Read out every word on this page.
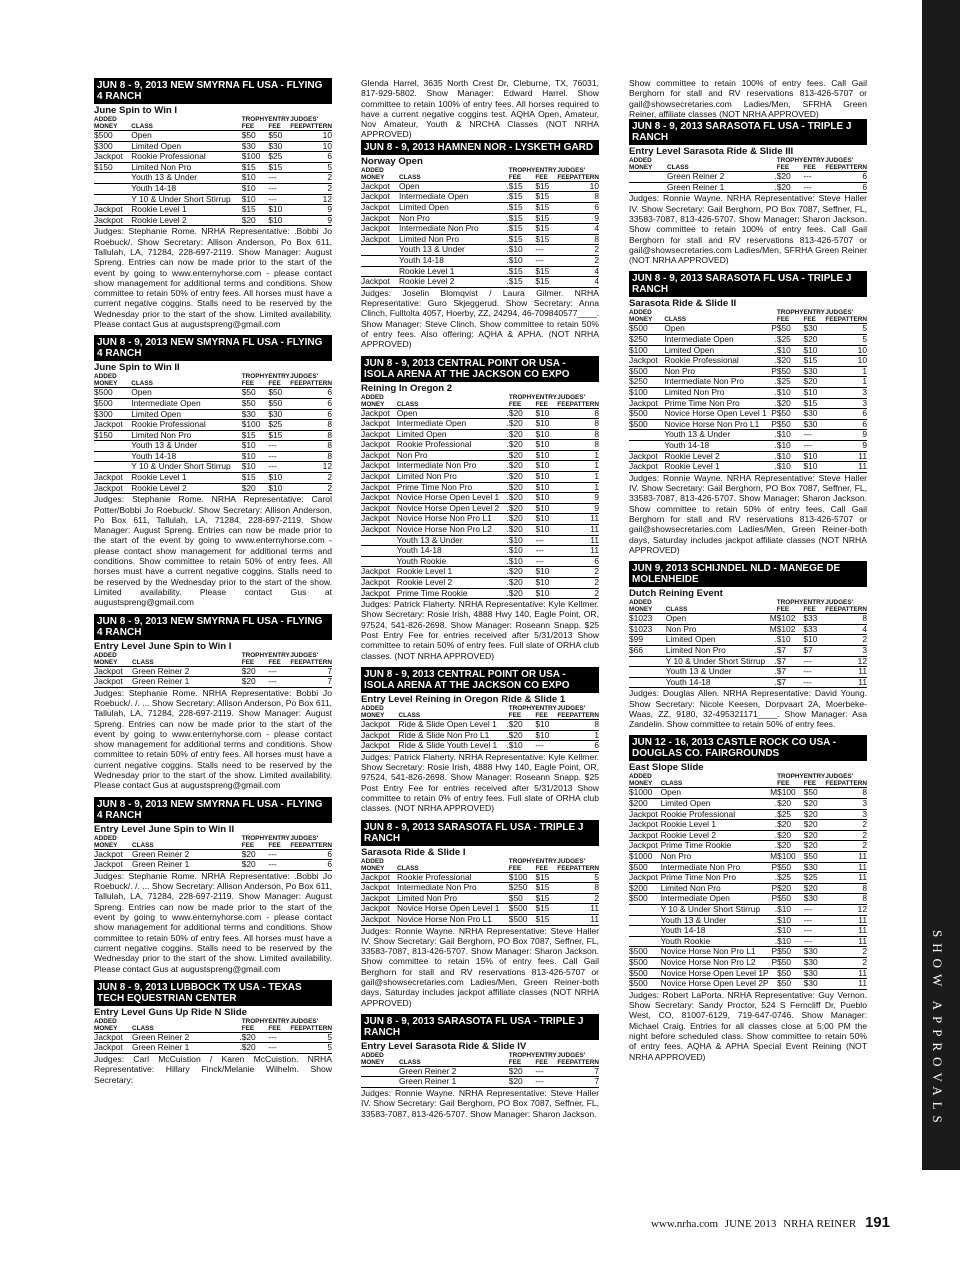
JUN 8 - 9, 2013 NEW SMYRNA FL USA - FLYING 4 RANCH
June Spin to Win I
ADDED
MONEY	CLASS		TROPHY
FEE	ENTRY
FEE	JUDGES'
FEEPATTERN
$500	Open		$50	$50	10
$300	Limited Open		$30	$30	10
Jackpot	Rookie Professional		$100	$25	6
$150	Limited Non Pro		$15	$15	5
	Youth 13 & Under		$10	---	2
	Youth 14-18		$10	---	2
	Y 10 & Under Short Stirrup		$10	---	12
Jackpot	Rookie Level 1		$15	$10	9
Jackpot	Rookie Level 2		$20	$10	9

Judges: Stephanie Rome. NRHA Representative: .Bobbi Jo Roebuck/. Show Secretary: Allison Anderson, Po Box 611, Tallulah, LA, 71284, 228-697-2119. Show Manager: August Spreng. Entries can now be made prior to the start of the event by going to www.enternyhorse.com - please contact show management for additional terms and conditions. Show committee to retain 50% of entry fees. All horses must have a current negative coggins. Stalls need to be reserved by the Wednesday prior to the start of the show. Limited availability. Please contact Gus at augustspreng@gmail.com

JUN 8 - 9, 2013 NEW SMYRNA FL USA - FLYING 4 RANCH
June Spin to Win II
ADDED
MONEY	CLASS		TROPHY
FEE	ENTRY
FEE	JUDGES'
FEEPATTERN
$500	Open		$50	$50	6
$500	Intermediate Open		$50	$50	6
$300	Limited Open		$30	$30	6
Jackpot	Rookie Professional		$100	$25	8
$150	Limited Non Pro		$15	$15	8
	Youth 13 & Under		$10	---	8
	Youth 14-18		$10	---	8
	Y 10 & Under Short Stirrup		$10	---	12
Jackpot	Rookie Level 1		$15	$10	2
Jackpot	Rookie Level 2		$20	$10	2

Judges: Stephanie Rome. NRHA Representative: Carol Potter/Bobbi Jo Roebuck/. Show Secretary: Allison Anderson, Po Box 611, Tallulah, LA, 71284, 228-697-2119. Show Manager: August Spreng. Entries can now be made prior to the start of the event by going to www.enternyhorse.com - please contact show management for additional terms and conditions. Show committee to retain 50% of entry fees. All horses must have a current negative coggins. Stalls need to be reserved by the Wednesday prior to the start of the show. Limited availability. Please contact Gus at augustspreng@gmail.com

JUN 8 - 9, 2013 NEW SMYRNA FL USA - FLYING 4 RANCH
Entry Level June Spin to Win I
ADDED
MONEY	CLASS		TROPHY
FEE	ENTRY
FEE	JUDGES'
FEEPATTERN
Jackpot	Green Reiner 2		$20	---	7
Jackpot	Green Reiner 1		$20	---	7

Judges: Stephanie Rome. NRHA Representative: Bobbi Jo Roebuck/. /. ... Show Secretary: Allison Anderson, Po Box 611, Tallulah, LA, 71284, 228-697-2119. Show Manager: August Spreng. Entries can now be made prior to the start of the event by going to www.enternyhorse.com - please contact show management for additional terms and conditions. Show committee to retain 50% of entry fees. All horses must have a current negative coggins. Stalls need to be reserved by the Wednesday prior to the start of the show. Limited availability. Please contact Gus at augustspreng@gmail.com

JUN 8 - 9, 2013 NEW SMYRNA FL USA - FLYING 4 RANCH
Entry Level June Spin to Win II
ADDED
MONEY	CLASS		TROPHY
FEE	ENTRY
FEE	JUDGES'
FEEPATTERN
Jackpot	Green Reiner 2		$20	---	6
Jackpot	Green Reiner 1		$20	---	6

Judges: Stephanie Rome. NRHA Representative: .Bobbi Jo Roebuck/. /. ... Show Secretary: Allison Anderson, Po Box 611, Tallulah, LA, 71284, 228-697-2119. Show Manager: August Spreng. Entries can now be made prior to the start of the event by going to www.enternyhorse.com - please contact show management for additional terms and conditions. Show committee to retain 50% of entry fees. All horses must have a current negative coggins. Stalls need to be reserved by the Wednesday prior to the start of the show. Limited availability. Please contact Gus at augustspreng@gmail.com

JUN 8 - 9, 2013 LUBBOCK TX USA - TEXAS TECH EQUESTRIAN CENTER
Entry Level Guns Up Ride N Slide
ADDED
MONEY	CLASS		TROPHY
FEE	ENTRY
FEE	JUDGES'
FEEPATTERN
Jackpot	Green Reiner 2	.	$20	---	5
Jackpot	Green Reiner 1	.	$20	---	5

Judges: Carl McCuistion / Karen McCuistion. NRHA Representative: Hillary Finck/Melanie Wilhelm. Show Secretary:

Glenda Harrel, 3635 North Crest Dr, Cleburne, TX, 76031, 817-929-5802. Show Manager: Edward Harrel. Show committee to retain 100% of entry fees. All horses required to have a current negative coggins test. AQHA Open, Amateur, Nov Amateur, Youth & NRCHA Classes (NOT NRHA APPROVED)

JUN 8 - 9, 2013 HAMNEN NOR - LYSKETH GARD
Norway Open
ADDED
MONEY	CLASS		TROPHY
FEE	ENTRY
FEE	JUDGES'
FEEPATTERN
Jackpot	Open	.	$15	$15	10
Jackpot	Intermediate Open	.	$15	$15	8
Jackpot	Limited Open	.	$15	$15	6
Jackpot	Non Pro	.	$15	$15	9
Jackpot	Intermediate Non Pro	.	$15	$15	4
Jackpot	Limited Non Pro	.	$15	$15	8
	Youth 13 & Under	.	$10	---	2
	Youth 14-18	.	$10	---	2
	Rookie Level 1	.	$15	$15	4
Jackpot	Rookie Level 2	.	$15	$15	4

Judges: Joselin Blomqvist / Laura Gilmer. NRHA Representative: Guro Skjeggerud. Show Secretary: Anna Clinch, Fulltolta 4057, Hoerby, ZZ, 24294, 46-709840577____. Show Manager: Steve Clinch. Show committee to retain 50% of entry fees. Also offering: AQHA & APHA. (NOT NRHA APPROVED)

JUN 8 - 9, 2013 CENTRAL POINT OR USA - ISOLA ARENA AT THE JACKSON CO EXPO
Reining In Oregon 2
ADDED
MONEY	CLASS		TROPHY
FEE	ENTRY
FEE	JUDGES'
FEEPATTERN
Jackpot	Open	.	$20	$10	8
Jackpot	Intermediate Open	.	$20	$10	8
Jackpot	Limited Open	.	$20	$10	8
Jackpot	Rookie Professional	.	$20	$10	8
Jackpot	Non Pro	.	$20	$10	1
Jackpot	Intermediate Non Pro	.	$20	$10	1
Jackpot	Limited Non Pro	.	$20	$10	1
Jackpot	Prime Time Non Pro	.	$20	$10	1
Jackpot	Novice Horse Open Level 1	.	$20	$10	9
Jackpot	Novice Horse Open Level 2	.	$20	$10	9
Jackpot	Novice Horse Non Pro L1	.	$20	$10	11
Jackpot	Novice Horse Non Pro L2	.	$20	$10	11
	Youth 13 & Under	.	$10	---	11
	Youth 14-18	.	$10	---	11
	Youth Rookie	.	$10	---	6
Jackpot	Rookie Level 1	.	$20	$10	2
Jackpot	Rookie Level 2	.	$20	$10	2
Jackpot	Prime Time Rookie	.	$20	$10	2

Judges: Patrick Flaherty. NRHA Representative: Kyle Kellmer. Show Secretary: Rosie Irish, 4888 Hwy 140, Eagle Point, OR, 97524, 541-826-2698. Show Manager: Roseann Snapp. $25 Post Entry Fee for entries received after 5/31/2013 Show committee to retain 50% of entry fees. Full slate of ORHA club classes. (NOT NRHA APPROVED)

JUN 8 - 9, 2013 CENTRAL POINT OR USA - ISOLA ARENA AT THE JACKSON CO EXPO
Entry Level Reining in Oregon Ride & Slide 1
ADDED
MONEY	CLASS		TROPHY
FEE	ENTRY
FEE	JUDGES'
FEEPATTERN
Jackpot	Ride & Slide Open Level 1	.	$20	$10	8
Jackpot	Ride & Slide Non Pro L1	.	$20	$10	1
Jackpot	Ride & Slide Youth Level 1	.	$10	---	6

Judges: Patrick Flaherty. NRHA Representative: Kyle Kellmer. Show Secretary: Rosie Irish, 4888 Hwy 140, Eagle Point, OR, 97524, 541-826-2698. Show Manager: Roseann Snapp. $25 Post Entry Fee for entries received after 5/31/2013 Show committee to retain 0% of entry fees. Full slate of ORHA club classes. (NOT NRHA APPROVED)

JUN 8 - 9, 2013 SARASOTA FL USA - TRIPLE J RANCH
Sarasota Ride & Slide I
ADDED
MONEY	CLASS		TROPHY
FEE	ENTRY
FEE	JUDGES'
FEEPATTERN
Jackpot	Rookie Professional		$100	$15	5
Jackpot	Intermediate Non Pro		$250	$15	8
Jackpot	Limited Non Pro		$50	$15	2
Jackpot	Novice Horse Open Level 1		$500	$15	11
Jackpot	Novice Horse Non Pro L1		$500	$15	11

Judges: Ronnie Wayne. NRHA Representative: Steve Haller IV. Show Secretary: Gail Berghorn, PO Box 7087, Seffner, FL, 33583-7087, 813-426-5707. Show Manager: Sharon Jackson. Show committee to retain 15% of entry fees. Call Gail Berghorn for stall and RV reservations 813-426-5707 or gail@showsecretaries.com Ladies/Men, Green Reiner-both days, Saturday includes jackpot affiliate classes (NOT NRHA APPROVED)

JUN 8 - 9, 2013 SARASOTA FL USA - TRIPLE J RANCH
Entry Level Sarasota Ride & Slide IV
ADDED
MONEY	CLASS		TROPHY
FEE	ENTRY
FEE	JUDGES'
FEEPATTERN
	Green Reiner 2		$20	---	7
	Green Reiner 1		$20	---	7

Judges: Ronnie Wayne. NRHA Representative: Steve Haller IV. Show Secretary: Gail Berghorn, PO Box 7087, Seffner, FL, 33583-7087, 813-426-5707. Show Manager: Sharon Jackson.

Show committee to retain 100% of entry fees. Call Gail Berghorn for stall and RV reservations 813-426-5707 or gail@showsecretaries.com Ladies/Men, SFRHA Green Reiner, affiliate classes (NOT NRHA APPROVED)

JUN 8 - 9, 2013 SARASOTA FL USA - TRIPLE J RANCH
Entry Level Sarasota Ride & Slide III
ADDED
MONEY	CLASS		TROPHY
FEE	ENTRY
FEE	JUDGES'
FEEPATTERN
	Green Reiner 2	.	$20	---	6
	Green Reiner 1	.	$20	---	6

Judges: Ronnie Wayne. NRHA Representative: Steve Haller IV. Show Secretary: Gail Berghorn, PO Box 7087, Seffner, FL, 33583-7087, 813-426-5707. Show Manager: Sharon Jackson. Show committee to retain 100% of entry fees. Call Gail Berghorn for stall and RV reservations 813-426-5707 or gail@showsecretaries.com Ladies/Men, SFRHA Green Reiner (NOT NRHA APPROVED)

JUN 8 - 9, 2013 SARASOTA FL USA - TRIPLE J RANCH
Sarasota Ride & Slide II
ADDED
MONEY	CLASS		TROPHY
FEE	ENTRY
FEE	JUDGES'
FEEPATTERN
$500	Open	P	$50	$30	5
$250	Intermediate Open	.	$25	$20	5
$100	Limited Open	.	$10	$10	10
Jackpot	Rookie Professional	.	$20	$15	10
$500	Non Pro	P	$50	$30	1
$250	Intermediate Non Pro	.	$25	$20	1
$100	Limited Non Pro	.	$10	$10	3
Jackpot	Prime Time Non Pro	.	$20	$15	3
$500	Novice Horse Open Level 1	P	$50	$30	6
$500	Novice Horse Non Pro L1	P	$50	$30	6
	Youth 13 & Under	.	$10	---	9
	Youth 14-18	.	$10	---	9
Jackpot	Rookie Level 2	.	$10	$10	11
Jackpot	Rookie Level 1	.	$10	$10	11

Judges: Ronnie Wayne. NRHA Representative: Steve Haller IV. Show Secretary: Gail Berghorn, PO Box 7087, Seffner, FL, 33583-7087, 813-426-5707. Show Manager: Sharon Jackson. Show committee to retain 50% of entry fees. Call Gail Berghorn for stall and RV reservations 813-426-5707 or gail@showsecretaries.com Ladies/Men, Green Reiner-both days, Saturday includes jackpot affiliate classes (NOT NRHA APPROVED)

JUN 9, 2013 SCHIJNDEL NLD - MANEGE DE MOLENHEIDE
Dutch Reining Event
ADDED
MONEY	CLASS		TROPHY
FEE	ENTRY
FEE	JUDGES'
FEEPATTERN
$1023	Open	M	$102	$33	8
$1023	Non Pro	M	$102	$33	4
$99	Limited Open	.	$10	$10	2
$66	Limited Non Pro	.	$7	$7	3
	Y 10 & Under Short Stirrup	.	$7	---	12
	Youth 13 & Under	.	$7	---	11
	Youth 14-18	.	$7	---	11

Judges: Douglas Allen. NRHA Representative: David Young. Show Secretary: Nicole Keesen, Dorpvaart 2A, Moerbeke-Waas, ZZ, 9180, 32-495321171____. Show Manager: Asa Zandelin. Show committee to retain 50% of entry fees.

JUN 12 - 16, 2013 CASTLE ROCK CO USA - DOUGLAS CO. FAIRGROUNDS
East Slope Slide
ADDED
MONEY	CLASS		TROPHY
FEE	ENTRY
FEE	JUDGES'
FEEPATTERN
$1000	Open	M	$100	$50	8
$200	Limited Open	.	$20	$20	3
Jackpot	Rookie Professional	.	$25	$20	3
Jackpot	Rookie Level 1	.	$20	$20	2
Jackpot	Rookie Level 2	.	$20	$20	2
Jackpot	Prime Time Rookie	.	$20	$20	2
$1000	Non Pro	M	$100	$50	11
$500	Intermediate Non Pro	P	$50	$30	11
Jackpot	Prime Time Non Pro	.	$25	$25	11
$200	Limited Non Pro	P	$20	$20	8
$500	Intermediate Open	P	$50	$30	8
	Y 10 & Under Short Stirrup	.	$10	---	12
	Youth 13 & Under	.	$10	---	11
	Youth 14-18	.	$10	---	11
	Youth Rookie	.	$10	---	11
$500	Novice Horse Non Pro L1	P	$50	$30	2
$500	Novice Horse Non Pro L2	P	$50	$30	2
$500	Novice Horse Open Level 1P		$50	$30	11
$500	Novice Horse Open Level 2P		$50	$30	11

Judges: Robert LaPorta. NRHA Representative: Guy Vernon. Show Secretary: Sandy Proctor, 524 S Ferncliff Dr, Pueblo West, CO, 81007-6129, 719-647-0746. Show Manager: Michael Craig. Entries for all classes close at 5:00 PM the night before scheduled class. Show committee to retain 50% of entry fees. AQHA & APHA Special Event Reining (NOT NRHA APPROVED)	SHOW APPROVALS
www.nrha.com JUNE 2013 NRHA REINER 191
